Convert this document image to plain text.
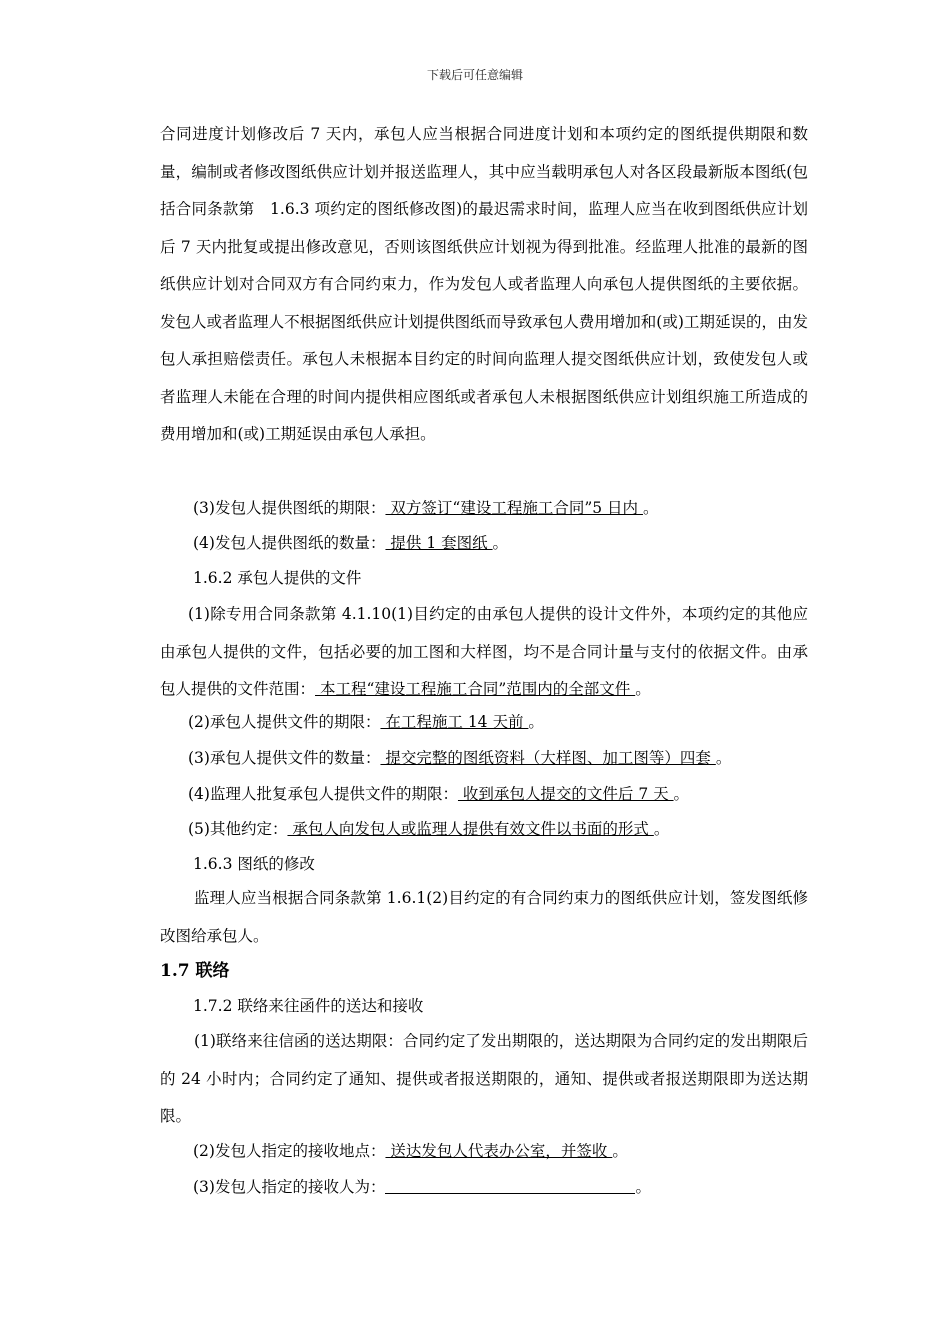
下载后可任意编辑

合同进度计划修改后 7 天内，承包人应当根据合同进度计划和本项约定的图纸提供期限和数量，编制或者修改图纸供应计划并报送监理人，其中应当载明承包人对各区段最新版本图纸(包括合同条款第　1.6.3 项约定的图纸修改图)的最迟需求时间，监理人应当在收到图纸供应计划后 7 天内批复或提出修改意见，否则该图纸供应计划视为得到批准。经监理人批准的最新的图纸供应计划对合同双方有合同约束力，作为发包人或者监理人向承包人提供图纸的主要依据。发包人或者监理人不根据图纸供应计划提供图纸而导致承包人费用增加和(或)工期延误的，由发包人承担赔偿责任。承包人未根据本目约定的时间向监理人提交图纸供应计划，致使发包人或者监理人未能在合理的时间内提供相应图纸或者承包人未根据图纸供应计划组织施工所造成的费用增加和(或)工期延误由承包人承担。

(3)发包人提供图纸的期限： 双方签订“建设工程施工合同”5 日内 。
(4)发包人提供图纸的数量： 提供 1 套图纸 。
1.6.2 承包人提供的文件

(1)除专用合同条款第 4.1.10(1)目约定的由承包人提供的设计文件外，本项约定的其他应由承包人提供的文件，包括必要的加工图和大样图，均不是合同计量与支付的依据文件。由承包人提供的文件范围： 本工程“建设工程施工合同”范围内的全部文件 。

(2)承包人提供文件的期限： 在工程施工 14 天前 。
(3)承包人提供文件的数量： 提交完整的图纸资料（大样图、加工图等）四套 。
(4)监理人批复承包人提供文件的期限： 收到承包人提交的文件后 7 天 。
(5)其他约定： 承包人向发包人或监理人提供有效文件以书面的形式 。
1.6.3 图纸的修改

监理人应当根据合同条款第 1.6.1(2)目约定的有合同约束力的图纸供应计划，签发图纸修改图给承包人。

1.7 联络
1.7.2 联络来往函件的送达和接收

(1)联络来往信函的送达期限：合同约定了发出期限的，送达期限为合同约定的发出期限后的 24 小时内；合同约定了通知、提供或者报送期限的，通知、提供或者报送期限即为送达期限。

(2)发包人指定的接收地点： 送达发包人代表办公室，并签收 。
(3)发包人指定的接收人为：	。
